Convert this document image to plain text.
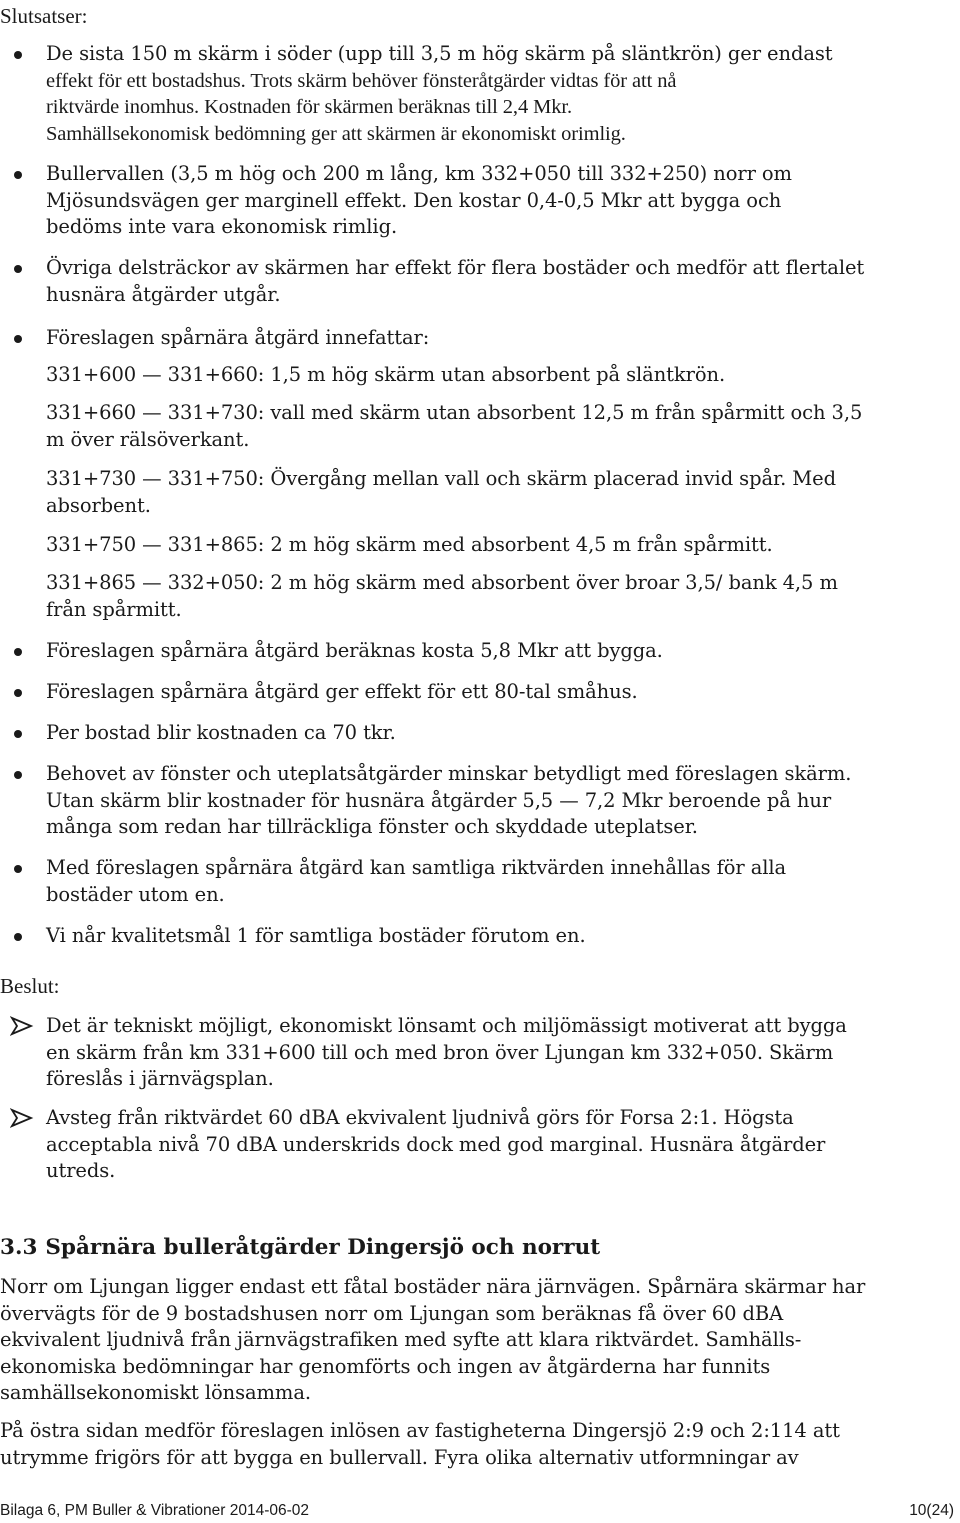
Slutsatser:
De sista 150 m skärm i söder (upp till 3,5 m hög skärm på släntkrön) ger endast
effekt för ett bostadshus. Trots skärm behöver fönsteråtgärder vidtas för att nå
riktvärde inomhus. Kostnaden för skärmen beräknas till 2,4 Mkr.
Samhällsekonomisk bedömning ger att skärmen är ekonomiskt orimlig.
Bullervallen (3,5 m hög och 200 m lång, km 332+050 till 332+250) norr om
Mjösundsvägen ger marginell effekt. Den kostar 0,4-0,5 Mkr att bygga och
bedöms inte vara ekonomisk rimlig.
Övriga delsträckor av skärmen har effekt för flera bostäder och medför att flertalet
husnära åtgärder utgår.
Föreslagen spårnära åtgärd innefattar:
331+600 — 331+660: 1,5 m hög skärm utan absorbent på släntkrön.
331+660 — 331+730: vall med skärm utan absorbent 12,5 m från spårmitt och 3,5
m över rälsöverkant.
331+730 — 331+750: Övergång mellan vall och skärm placerad invid spår. Med
absorbent.
331+750 — 331+865: 2 m hög skärm med absorbent 4,5 m från spårmitt.
331+865 — 332+050: 2 m hög skärm med absorbent över broar 3,5/ bank 4,5 m
från spårmitt.
Föreslagen spårnära åtgärd beräknas kosta 5,8 Mkr att bygga.
Föreslagen spårnära åtgärd ger effekt för ett 80-tal småhus.
Per bostad blir kostnaden ca 70 tkr.
Behovet av fönster och uteplatsåtgärder minskar betydligt med föreslagen skärm.
Utan skärm blir kostnader för husnära åtgärder 5,5 — 7,2 Mkr beroende på hur
många som redan har tillräckliga fönster och skyddade uteplatser.
Med föreslagen spårnära åtgärd kan samtliga riktvärden innehållas för alla
bostäder utom en.
Vi når kvalitetsmål 1 för samtliga bostäder förutom en.
Beslut:
Det är tekniskt möjligt, ekonomiskt lönsamt och miljömässigt motiverat att bygga
en skärm från km 331+600 till och med bron över Ljungan km 332+050. Skärm
föreslås i järnvägsplan.
Avsteg från riktvärdet 60 dBA ekvivalent ljudnivå görs för Forsa 2:1. Högsta
acceptabla nivå 70 dBA underskrids dock med god marginal. Husnära åtgärder
utreds.
3.3 Spårnära bulleråtgärder Dingersjö och norrut
Norr om Ljungan ligger endast ett fåtal bostäder nära järnvägen. Spårnära skärmar har
övervägts för de 9 bostadshusen norr om Ljungan som beräknas få över 60 dBA
ekvivalent ljudnivå från järnvägstrafiken med syfte att klara riktvärdet. Samhälls-
ekonomiska bedömningar har genomförts och ingen av åtgärderna har funnits
samhällsekonomiskt lönsamma.
På östra sidan medför föreslagen inlösen av fastigheterna Dingersjö 2:9 och 2:114 att
utrymme frigörs för att bygga en bullervall. Fyra olika alternativ utformningar av
Bilaga 6, PM Buller & Vibrationer 2014-06-02	10(24)
